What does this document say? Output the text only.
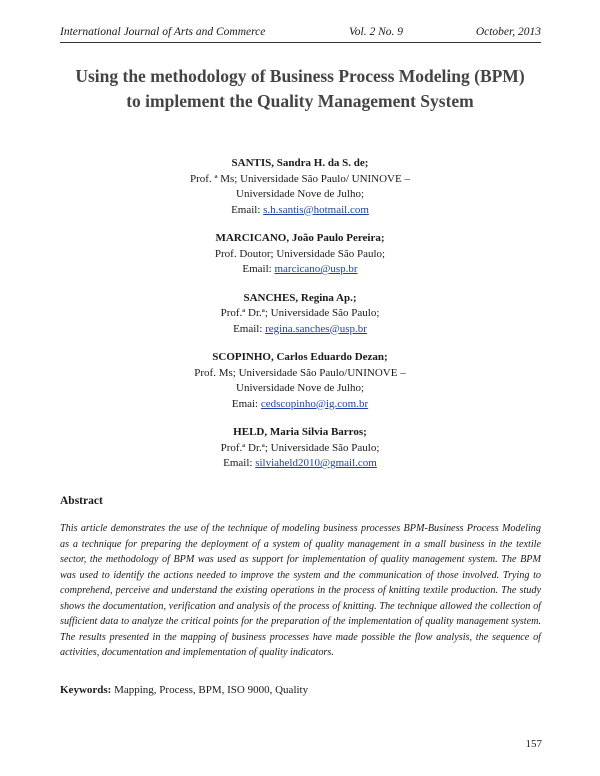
International Journal of Arts and Commerce	Vol. 2 No. 9	October, 2013
Using the methodology of Business Process Modeling (BPM)
to implement the Quality Management System
SANTIS, Sandra H. da S. de;
Prof. ª Ms; Universidade São Paulo/ UNINOVE –
Universidade Nove de Julho;
Email: s.h.santis@hotmail.com
MARCICANO, João Paulo Pereira;
Prof. Doutor; Universidade São Paulo;
Email: marcicano@usp.br
SANCHES, Regina Ap.;
Prof.ª Dr.ª; Universidade São Paulo;
Email: regina.sanches@usp.br
SCOPINHO, Carlos Eduardo Dezan;
Prof. Ms; Universidade São Paulo/UNINOVE –
Universidade Nove de Julho;
Emai: cedscopinho@ig.com.br
HELD, Maria Silvia Barros;
Prof.ª Dr.ª; Universidade São Paulo;
Email: silviaheld2010@gmail.com
Abstract

This article demonstrates the use of the technique of modeling business processes BPM-Business Process Modeling as a technique for preparing the deployment of a system of quality management in a small business in the textile sector, the methodology of BPM was used as support for implementation of quality management system. The BPM was used to identify the actions needed to improve the system and the communication of those involved. Trying to comprehend, perceive and understand the existing operations in the process of knitting textile production. The study shows the documentation, verification and analysis of the process of knitting. The technique allowed the collection of sufficient data to analyze the critical points for the preparation of the implementation of quality management system. The results presented in the mapping of business processes have made possible the flow analysis, the sequence of activities, documentation and implementation of quality indicators.

Keywords: Mapping, Process, BPM, ISO 9000, Quality

157
